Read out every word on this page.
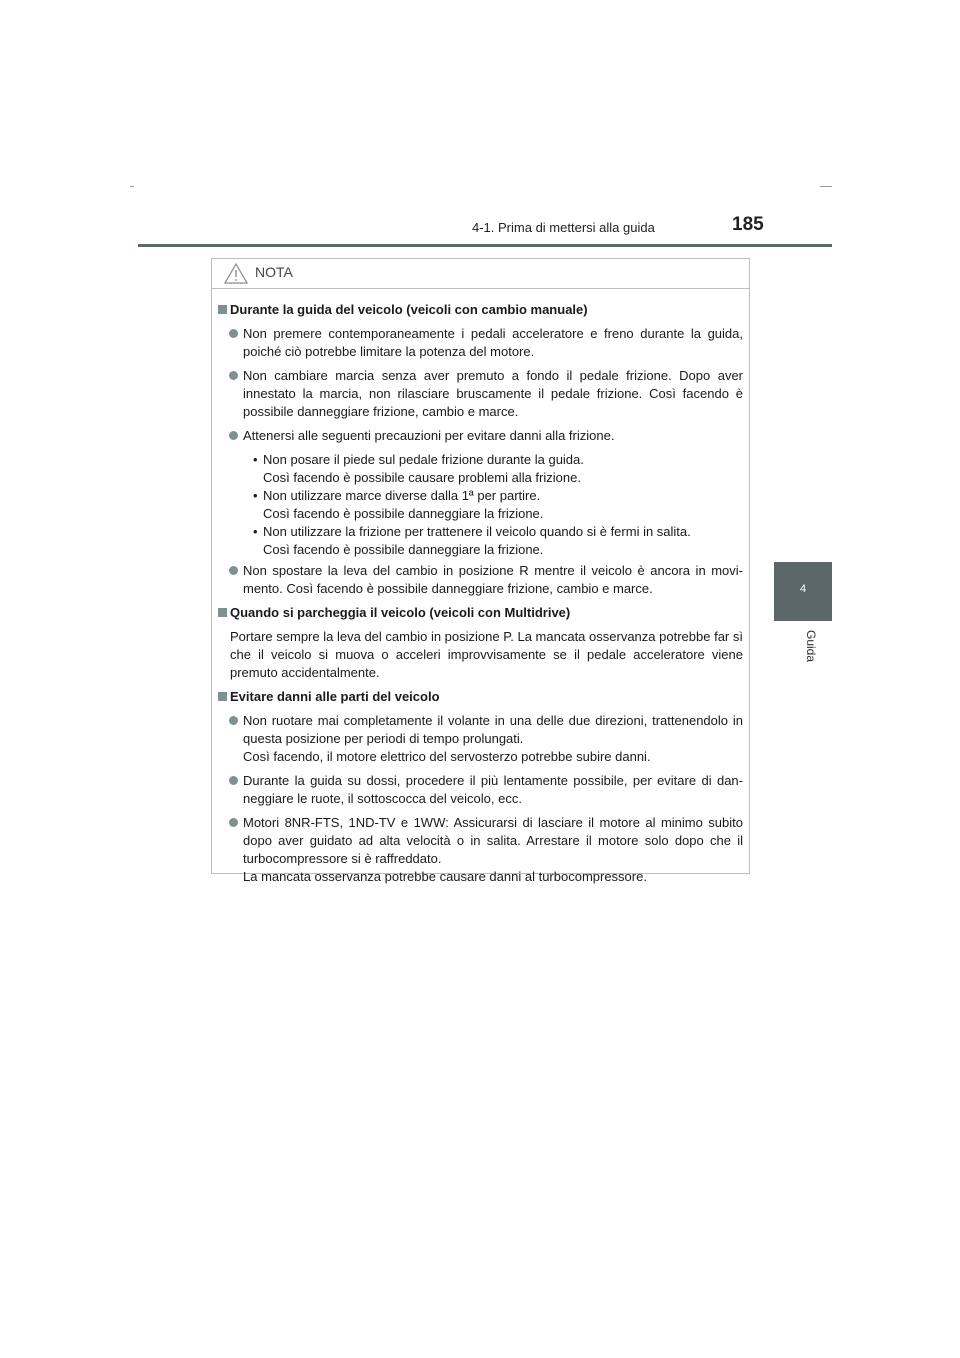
4-1. Prima di mettersi alla guida	185
4
Guida
NOTA
Durante la guida del veicolo (veicoli con cambio manuale)
Non premere contemporaneamente i pedali acceleratore e freno durante la guida, poiché ciò potrebbe limitare la potenza del motore.
Non cambiare marcia senza aver premuto a fondo il pedale frizione. Dopo aver innestato la marcia, non rilasciare bruscamente il pedale frizione. Così facendo è possibile danneggiare frizione, cambio e marce.
Attenersi alle seguenti precauzioni per evitare danni alla frizione.
• Non posare il piede sul pedale frizione durante la guida.
Così facendo è possibile causare problemi alla frizione.
• Non utilizzare marce diverse dalla 1ª per partire.
Così facendo è possibile danneggiare la frizione.
• Non utilizzare la frizione per trattenere il veicolo quando si è fermi in salita.
Così facendo è possibile danneggiare la frizione.
Non spostare la leva del cambio in posizione R mentre il veicolo è ancora in movi-mento. Così facendo è possibile danneggiare frizione, cambio e marce.
Quando si parcheggia il veicolo (veicoli con Multidrive)
Portare sempre la leva del cambio in posizione P. La mancata osservanza potrebbe far sì che il veicolo si muova o acceleri improvvisamente se il pedale acceleratore viene premuto accidentalmente.
Evitare danni alle parti del veicolo
Non ruotare mai completamente il volante in una delle due direzioni, trattenendolo in questa posizione per periodi di tempo prolungati.
Così facendo, il motore elettrico del servosterzo potrebbe subire danni.
Durante la guida su dossi, procedere il più lentamente possibile, per evitare di dan-neggiare le ruote, il sottoscocca del veicolo, ecc.
Motori 8NR-FTS, 1ND-TV e 1WW: Assicurarsi di lasciare il motore al minimo subito dopo aver guidato ad alta velocità o in salita. Arrestare il motore solo dopo che il turbocompressore si è raffreddato.
La mancata osservanza potrebbe causare danni al turbocompressore.
